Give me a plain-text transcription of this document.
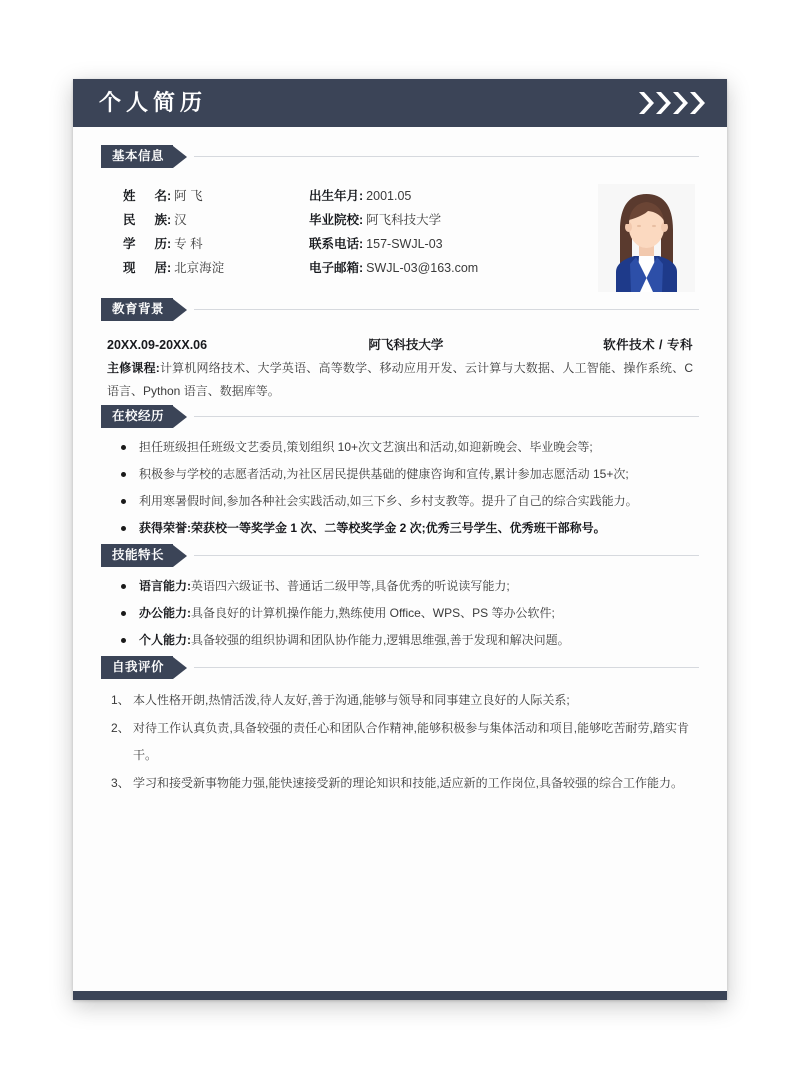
个人简历
基本信息
姓名: 阿 飞
民族: 汉
学历: 专 科
现居: 北京海淀
出生年月: 2001.05
毕业院校: 阿飞科技大学
联系电话: 157-SWJL-03
电子邮箱: SWJL-03@163.com
教育背景
20XX.09-20XX.06	阿飞科技大学	软件技术 / 专科
主修课程:计算机网络技术、大学英语、高等数学、移动应用开发、云计算与大数据、人工智能、操作系统、C 语言、Python 语言、数据库等。
在校经历
担任班级担任班级文艺委员,策划组织 10+次文艺演出和活动,如迎新晚会、毕业晚会等;
积极参与学校的志愿者活动,为社区居民提供基础的健康咨询和宣传,累计参加志愿活动 15+次;
利用寒暑假时间,参加各种社会实践活动,如三下乡、乡村支教等。提升了自己的综合实践能力。
获得荣誉:荣获校一等奖学金 1 次、二等校奖学金 2 次;优秀三号学生、优秀班干部称号。
技能特长
语言能力:英语四六级证书、普通话二级甲等,具备优秀的听说读写能力;
办公能力:具备良好的计算机操作能力,熟练使用 Office、WPS、PS 等办公软件;
个人能力:具备较强的组织协调和团队协作能力,逻辑思维强,善于发现和解决问题。
自我评价
1、 本人性格开朗,热情活泼,待人友好,善于沟通,能够与领导和同事建立良好的人际关系;
2、 对待工作认真负责,具备较强的责任心和团队合作精神,能够积极参与集体活动和项目,能够吃苦耐劳,踏实肯干。
3、 学习和接受新事物能力强,能快速接受新的理论知识和技能,适应新的工作岗位,具备较强的综合工作能力。
